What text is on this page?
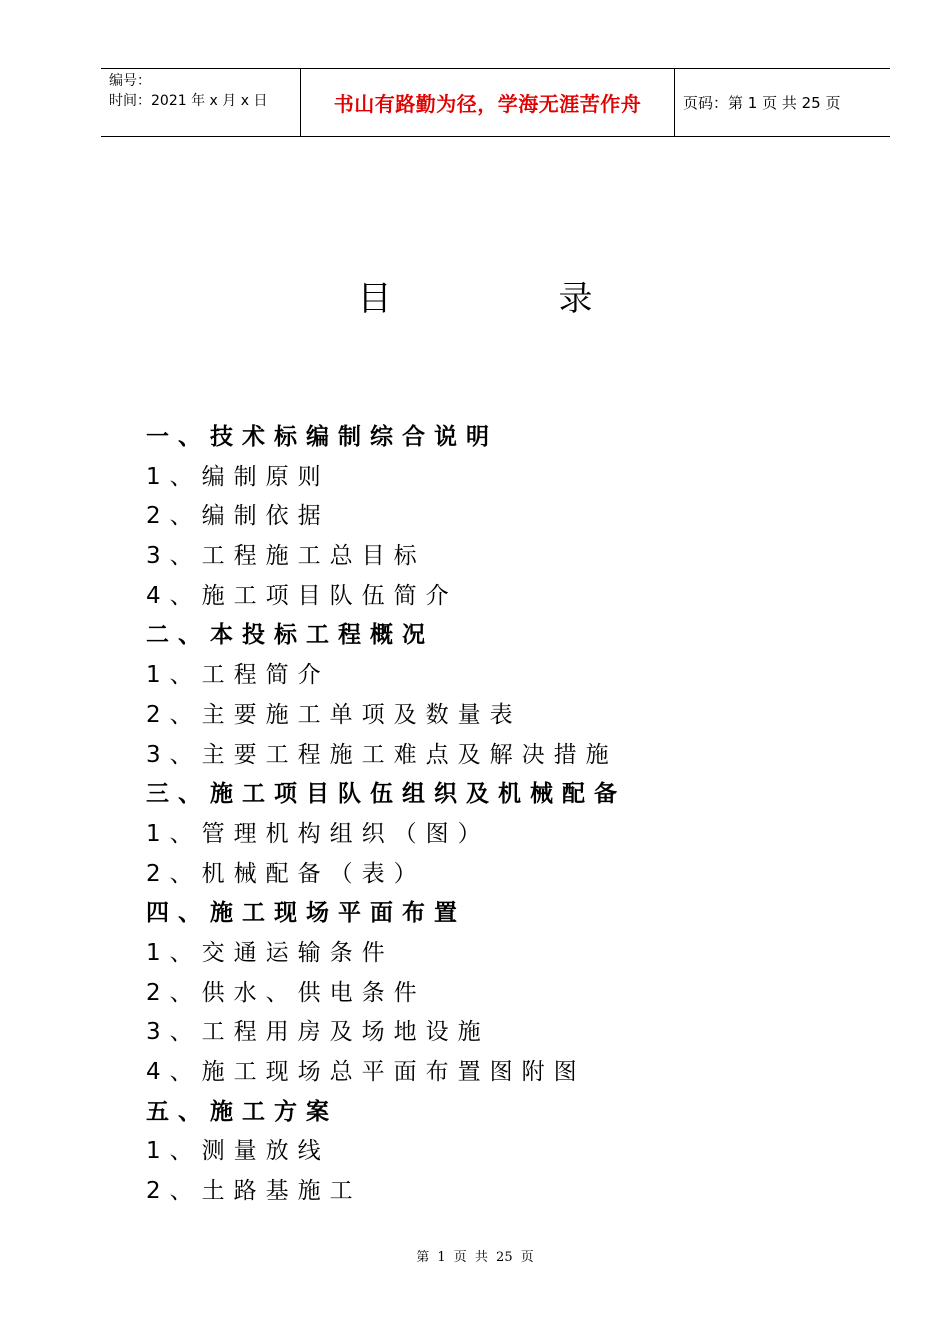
编号：
时间：2021 年 x 月 x 日	书山有路勤为径，学海无涯苦作舟	页码：第 1 页 共 25 页
目录
一、技术标编制综合说明
1、编制原则
2、编制依据
3、工程施工总目标
4、施工项目队伍简介
二、本投标工程概况
1、工程简介
2、主要施工单项及数量表
3、主要工程施工难点及解决措施
三、施工项目队伍组织及机械配备
1、管理机构组织（图）
2、机械配备（表）
四、施工现场平面布置
1、交通运输条件
2、供水、供电条件
3、工程用房及场地设施
4、施工现场总平面布置图附图
五、施工方案
1、测量放线
2、土路基施工
第 1 页 共 25 页
